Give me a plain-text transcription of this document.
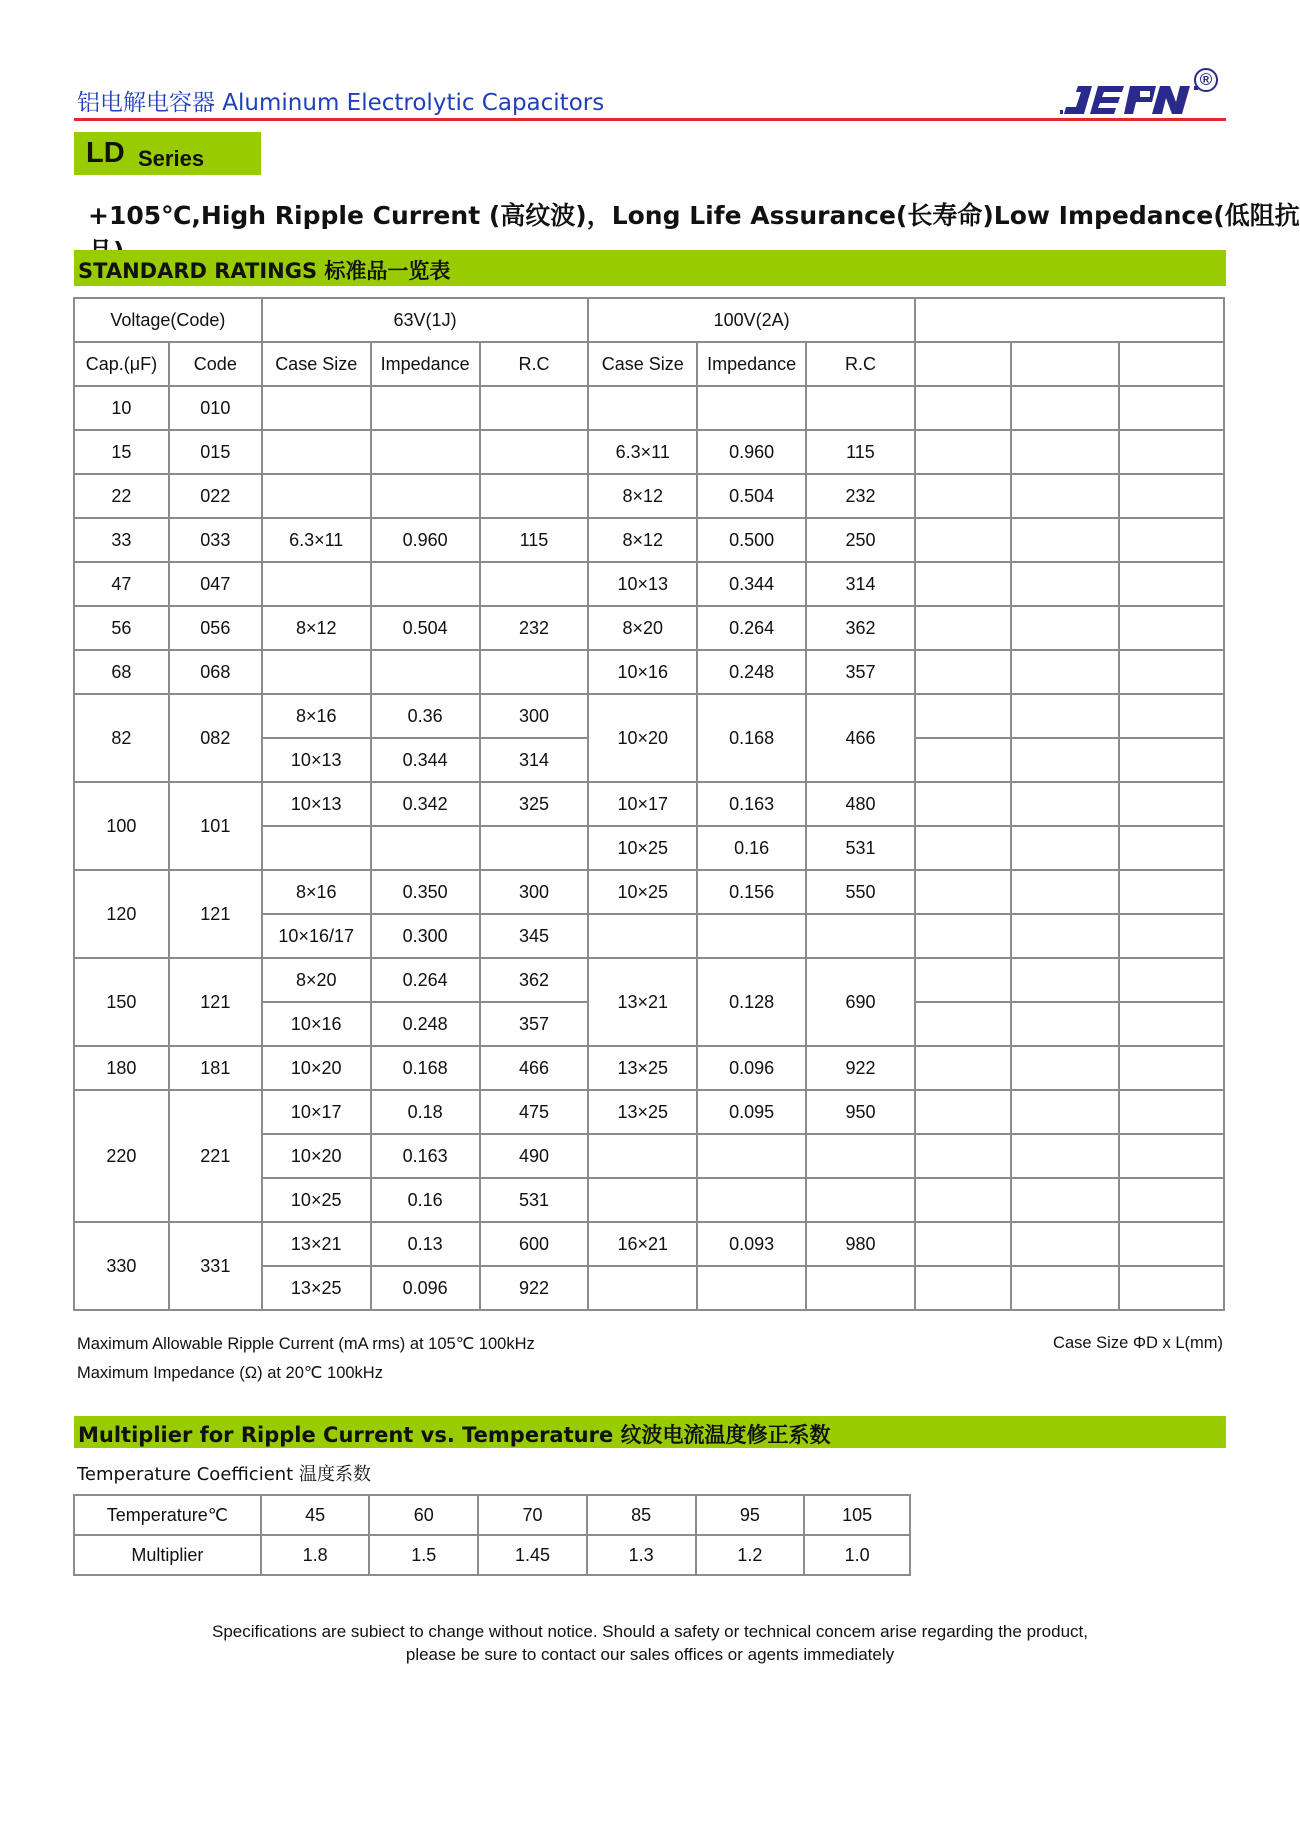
铝电解电容器 Aluminum Electrolytic Capacitors
®
LD Series
+105℃,High Ripple Current (高纹波)，Long Life Assurance(长寿命)Low Impedance(低阻抗
STANDARD RATINGS 标准品一览表
Voltage(Code)		63V(1J)			100V(2A)					
Cap.(μF)	Code	Case Size	Impedance	R.C	Case Size	Impedance	R.C			
10	010									
15	015				6.3×11	0.960	115			
22	022				8×12	0.504	232			
33	033	6.3×11	0.960	115	8×12	0.500	250			
47	047				10×13	0.344	314			
56	056	8×12	0.504	232	8×20	0.264	362			
68	068				10×16	0.248	357			
82	082	8×16	0.36	300	10×20	0.168	466			
		10×13	0.344	314						
100	101	10×13	0.342	325	10×17	0.163	480			
					10×25	0.16	531			
120	121	8×16	0.350	300	10×25	0.156	550			
		10×16/17	0.300	345						
150	121	8×20	0.264	362	13×21	0.128	690			
		10×16	0.248	357						
180	181	10×20	0.168	466	13×25	0.096	922			
220	221	10×17	0.18	475	13×25	0.095	950			
		10×20	0.163	490						
		10×25	0.16	531						
330	331	13×21	0.13	600	16×21	0.093	980			
		13×25	0.096	922						
Maximum Allowable Ripple Current (mA rms) at 105℃ 100kHz
Maximum Impedance (Ω) at 20℃ 100kHz
Case Size ΦD x L(mm)
Multiplier for Ripple Current vs. Temperature 纹波电流温度修正系数
Temperature Coefficient 温度系数
Temperature℃	45	60	70	85	95	105
Multiplier	1.8	1.5	1.45	1.3	1.2	1.0
Specifications are subiect to change without notice. Should a safety or technical concem arise regarding the product,
please be sure to contact our sales offices or agents immediately
